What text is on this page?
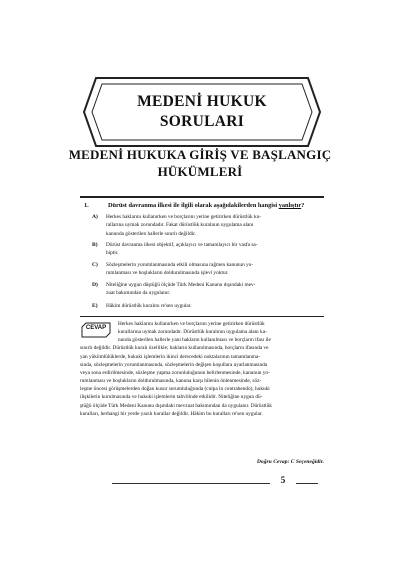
MEDENİ HUKUK
SORULARI
MEDENİ HUKUKA GİRİŞ VE BAŞLANGIÇ
HÜKÜMLERİ
1.	Dürüst davranma ilkesi ile ilgili olarak aşağıdakilerden hangisi yanlıştır?
A) Herkes haklarını kullanırken ve borçlarını yerine getirirken dürüstlük ku-
rallarına uymak zorundadır. Fakat dürüstlük kuralının uygulama alanı
kanunda gösterilen hallerle sınırlı değildir.
B) Dürüst davranma ilkesi objektif, açıklayıcı ve tamamlayıcı bir vasfa sa-
hiptir.
C) Sözleşmelerin yorumlanmasında etkili olmasına rağmen kanunun yo-
rumlanması ve boşlukların doldurulmasında işlevi yoktur.
D) Niteliğine uygun düştüğü ölçüde Türk Medeni Kanunu dışındaki mev-
zuat bakımından da uygulanır.
E) Hâkim dürüstlük kuralını re'sen uygular.
CEVAP
Herkes haklarını kullanırken ve borçlarını yerine getirirken dürüstlük
kurallarına uymak zorundadır. Dürüstlük kuralının uygulama alanı ka-
nunda gösterilen hallerle yani hakların kullanılması ve borçların ifası ile
sınırlı değildir. Dürüstlük kuralı özellikle; hakların kullanılmasında, borçların ifasında ve
yan yükümlülüklerde, hukuki işlemlerin ikinci derecedeki noktalarının tamamlanma-
sında, sözleşmelerin yorumlanmasında, sözleşmelerin değişen koşullara uyarlanmasında
veya sona erdirilmesinde, sözleşme yapma zorunluluğunun belirlenmesinde, kanunun yo-
rumlanması ve boşlukların doldurulmasında, kanuna karşı hilenin önlenmesinde, söz-
leşme öncesi görüşmelerden doğan kusur sorumluluğunda (culpa in contrahendo), hukuki
ilişkilerin kurulmasında ve hukuki işlemlerin tahvilinde etkilidir. Niteliğine uygun dü-
ştüğü ölçüde Türk Medeni Kanunu dışındaki mevzuat bakımından da uygulanır. Dürüstlük
kuralları, herhangi bir yerde yazılı kurallar değildir. Hâkim bu kuralları re'sen uygular.
Doğru Cevap: C Seçeneğidir.
5
